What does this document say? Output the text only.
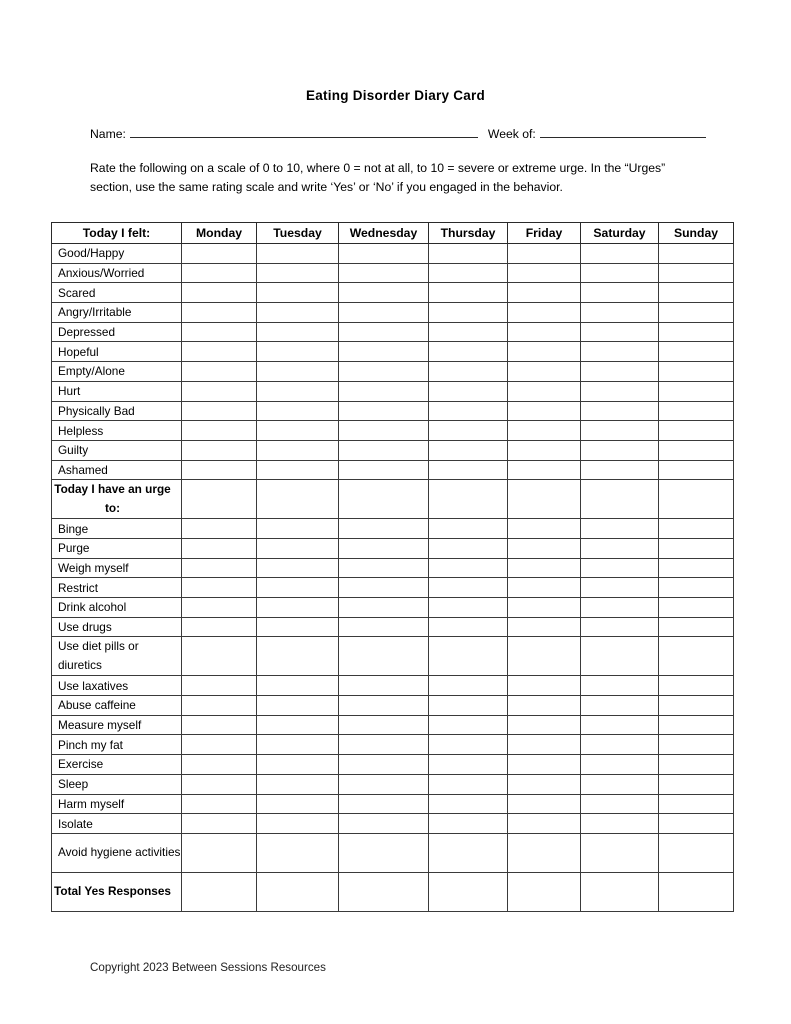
Eating Disorder Diary Card
Name:	Week of:
Rate the following on a scale of 0 to 10, where 0 = not at all, to 10 = severe or extreme urge. In the “Urges” section, use the same rating scale and write ‘Yes’ or ‘No’ if you engaged in the behavior.
Today I felt:	Monday	Tuesday	Wednesday	Thursday	Friday	Saturday	Sunday
Good/Happy							
Anxious/Worried							
Scared							
Angry/Irritable							
Depressed							
Hopeful							
Empty/Alone							
Hurt							
Physically Bad							
Helpless							
Guilty							
Ashamed							
Today I have an urge to:							
Binge							
Purge							
Weigh myself							
Restrict							
Drink alcohol							
Use drugs							
Use diet pills or diuretics							
Use laxatives							
Abuse caffeine							
Measure myself							
Pinch my fat							
Exercise							
Sleep							
Harm myself							
Isolate							
Avoid hygiene activities							
Total Yes Responses							
Copyright 2023 Between Sessions Resources
